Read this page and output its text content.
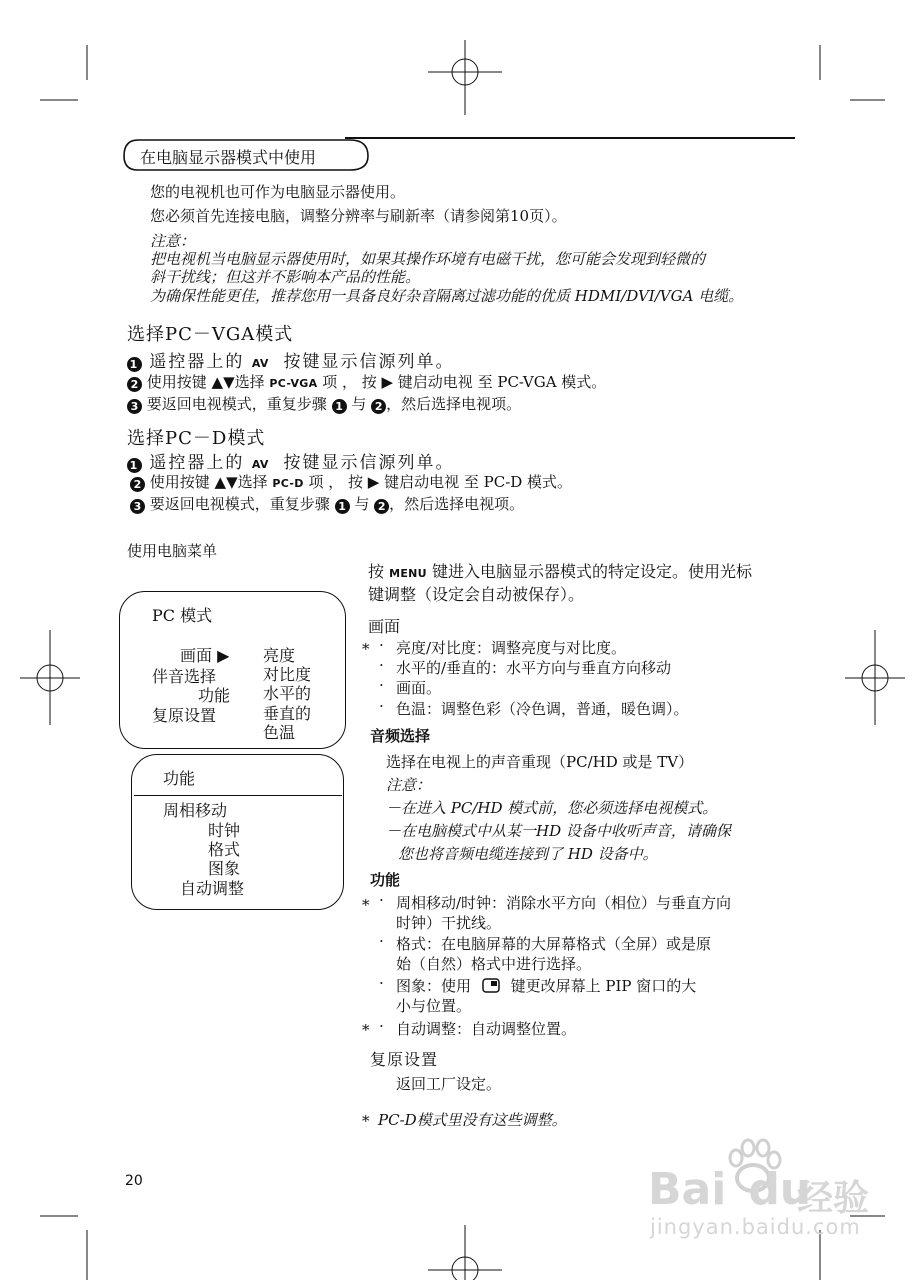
在电脑显示器模式中使用
您的电视机也可作为电脑显示器使用。
您必须首先连接电脑，调整分辨率与刷新率（请参阅第10页）。
注意：
把电视机当电脑显示器使用时，如果其操作环境有电磁干扰，您可能会发现到轻微的
斜干扰线；但这并不影响本产品的性能。
为确保性能更佳，推荐您用一具备良好杂音隔离过滤功能的优质 HDMI/DVI/VGA 电缆。
选择PC－VGA模式
1 遥控器上的 AV 按键显示信源列单。
2 使用按键 ▲▼选择 PC-VGA 项 ， 按 ▶ 键启动电视 至 PC-VGA 模式。
3 要返回电视模式，重复步骤 1 与 2 ，然后选择电视项。
选择PC－D模式
1 遥控器上的 AV 按键显示信源列单。
2 使用按键 ▲▼选择 PC-D 项 ， 按 ▶ 键启动电视 至 PC-D 模式。
3 要返回电视模式，重复步骤 1 与 2 ，然后选择电视项。
使用电脑菜单
PC 模式
画面 ▶
伴音选择
功能
复原设置
亮度
对比度
水平的
垂直的
色温
功能
周相移动
时钟
格式
图象
自动调整
按 MENU 键进入电脑显示器模式的特定设定。使用光标
键调整（设定会自动被保存）。
画面
* · 亮度/对比度：调整亮度与对比度。
· 水平的/垂直的：水平方向与垂直方向移动
· 画面。
· 色温：调整色彩（冷色调，普通，暖色调）。
音频选择
选择在电视上的声音重现（PC/HD 或是 TV）
注意：
－在进入 PC/HD 模式前，您必须选择电视模式。
－在电脑模式中从某一HD 设备中收听声音，请确保
您也将音频电缆连接到了 HD 设备中。
功能
* · 周相移动/时钟：消除水平方向（相位）与垂直方向
时钟）干扰线。
· 格式：在电脑屏幕的大屏幕格式（全屏）或是原
始（自然）格式中进行选择。
· 图象：使用	键更改屏幕上 PIP 窗口的大
小与位置。
* · 自动调整：自动调整位置。
复原设置
返回工厂设定。
* PC-D模式里没有这些调整。
20	Bai du
经验
jingyan.baidu.com
